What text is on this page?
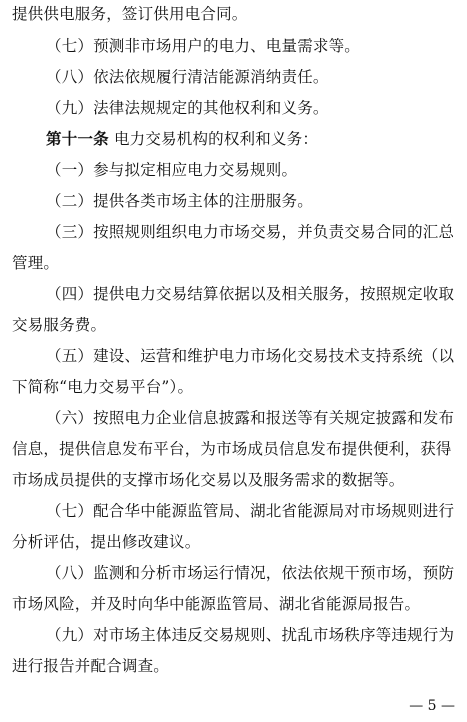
提供供电服务，签订供用电合同。
（七）预测非市场用户的电力、电量需求等。
（八）依法依规履行清洁能源消纳责任。
（九）法律法规规定的其他权利和义务。
第十一条 电力交易机构的权利和义务：
（一）参与拟定相应电力交易规则。
（二）提供各类市场主体的注册服务。
（三）按照规则组织电力市场交易，并负责交易合同的汇总
管理。
（四）提供电力交易结算依据以及相关服务，按照规定收取
交易服务费。
（五）建设、运营和维护电力市场化交易技术支持系统（以
下简称“电力交易平台”）。
（六）按照电力企业信息披露和报送等有关规定披露和发布
信息，提供信息发布平台，为市场成员信息发布提供便利，获得
市场成员提供的支撑市场化交易以及服务需求的数据等。
（七）配合华中能源监管局、湖北省能源局对市场规则进行
分析评估，提出修改建议。
（八）监测和分析市场运行情况，依法依规干预市场，预防
市场风险，并及时向华中能源监管局、湖北省能源局报告。
（九）对市场主体违反交易规则、扰乱市场秩序等违规行为
进行报告并配合调查。
— 5 —
